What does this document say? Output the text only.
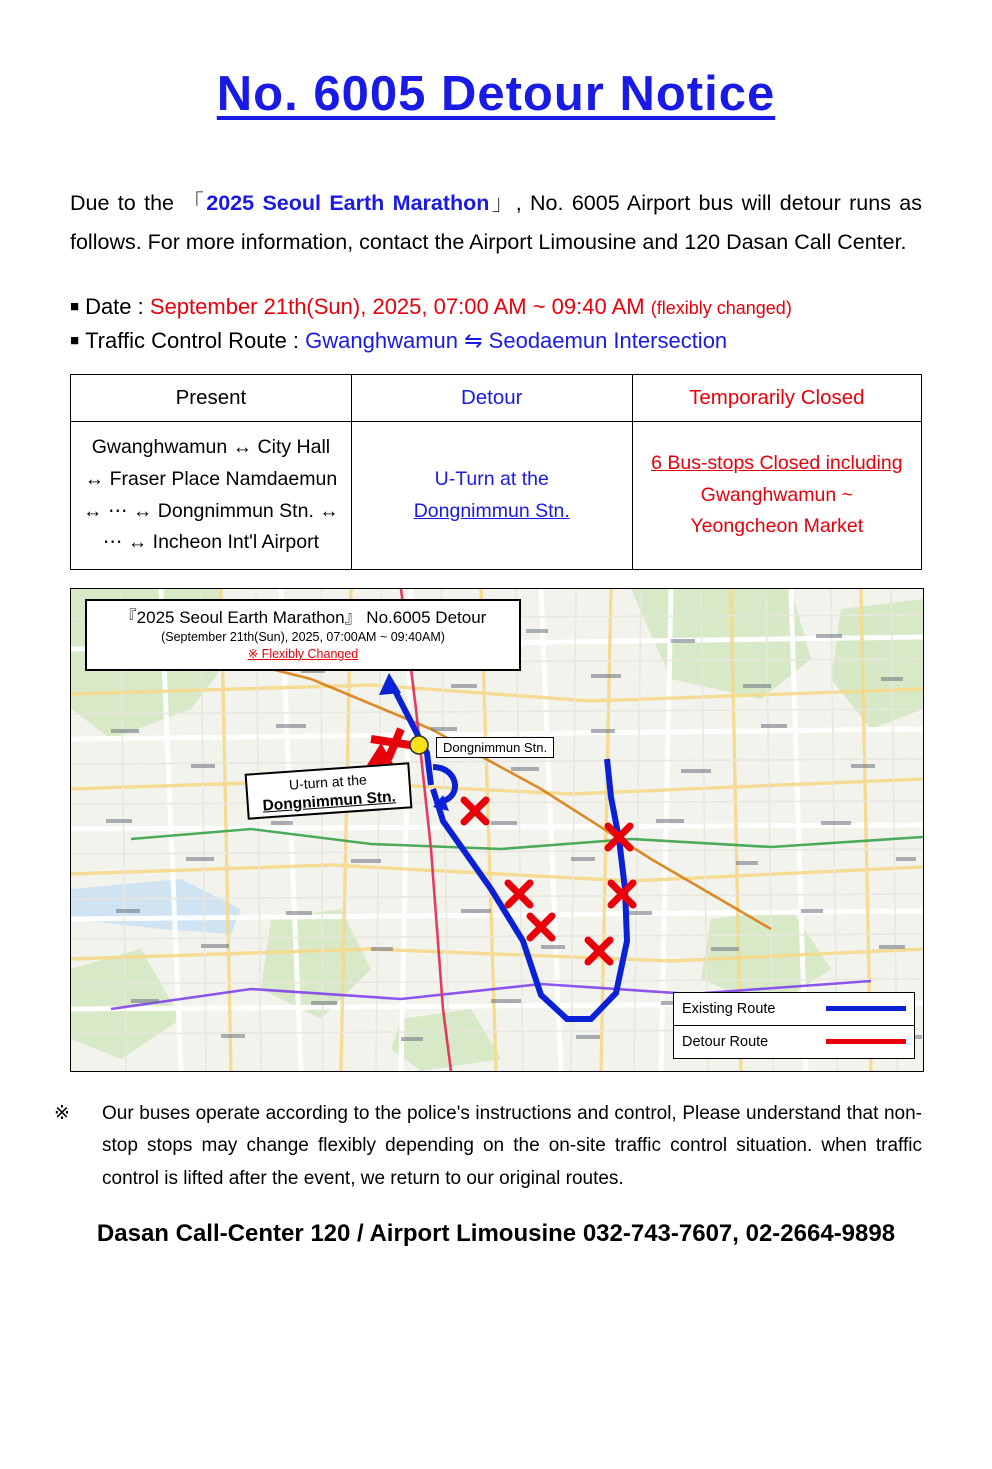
No. 6005 Detour Notice

Due to the 「2025 Seoul Earth Marathon」, No. 6005 Airport bus will detour runs as follows. For more information, contact the Airport Limousine and 120 Dasan Call Center.

■ Date : September 21th(Sun), 2025, 07:00 AM ~ 09:40 AM (flexibly changed)
■ Traffic Control Route : Gwanghwamun ⇋ Seodaemun Intersection
Present	Detour	Temporarily Closed

Gwanghwamun ↔ City Hall
↔ Fraser Place Namdaemun
↔ ⋯ ↔ Dongnimmun Stn. ↔
⋯ ↔ Incheon Int'l Airport

U-Turn at the
Dongnimmun Stn.

6 Bus-stops Closed including
Gwanghwamun ~
Yeongcheon Market
『2025 Seoul Earth Marathon』 No.6005 Detour
(September 21th(Sun), 2025, 07:00AM ~ 09:40AM)
※ Flexibly Changed
Dongnimmun Stn.
U-turn at the
Dongnimmun Stn.
Existing Route
Detour Route
※	Our buses operate according to the police's instructions and control, Please understand that non-stop stops may change flexibly depending on the on-site traffic control situation. when traffic control is lifted after the event, we return to our original routes.
Dasan Call-Center 120 / Airport Limousine 032-743-7607, 02-2664-9898
